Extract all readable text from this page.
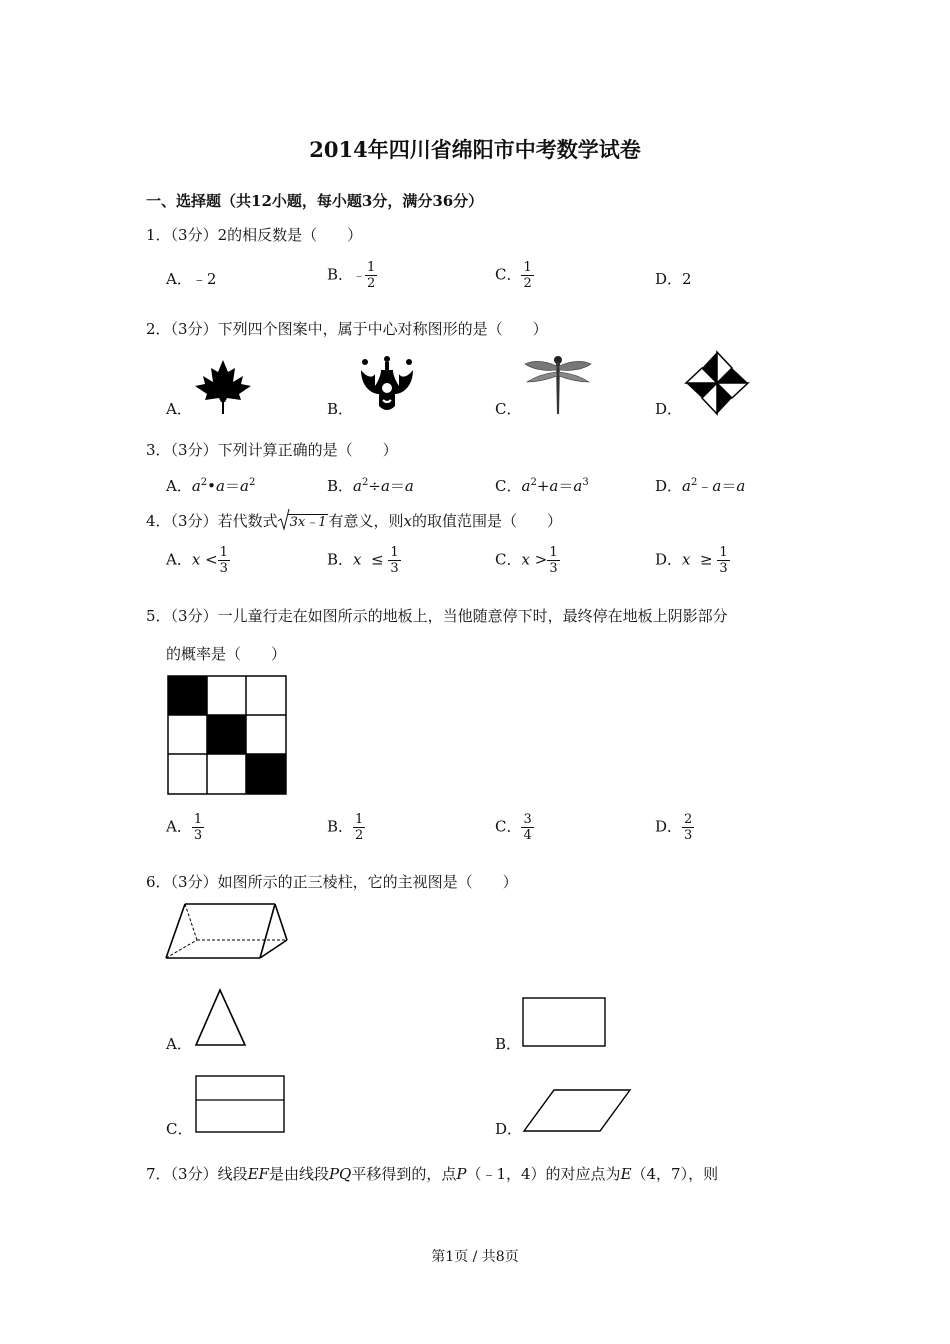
2014年四川省绵阳市中考数学试卷
一、选择题（共12小题，每小题3分，满分36分）
1．（3分）2的相反数是（　　）
A．﹣2	B．﹣ $\frac{1}{2}$	C． $\frac{1}{2}$	D．2
2．（3分）下列四个图案中，属于中心对称图形的是（　　）
A．	B．	C．	D．
3．（3分）下列计算正确的是（　　）
A．$a^2•a=a^2$	B．$a^2\div a=a$	C．$a^2+a=a^3$	D．$a^2﹣a=a$
4．（3分）若代数式 3x﹣1 有意义，则x的取值范围是（　　）
A．$x < \frac{1}{3}$	B．$x \le \frac{1}{3}$	C．$x > \frac{1}{3}$	D．$x \ge \frac{1}{3}$
5．（3分）一儿童行走在如图所示的地板上，当他随意停下时，最终停在地板上阴影部分
的概率是（　　）
A． $\frac{1}{3}$	B． $\frac{1}{2}$	C． $\frac{3}{4}$	D． $\frac{2}{3}$
6．（3分）如图所示的正三棱柱，它的主视图是（　　）
A．	B．
C．	D．
7．（3分）线段EF是由线段PQ平移得到的，点P（﹣1，4）的对应点为E（4，7），则
第1页 / 共8页
